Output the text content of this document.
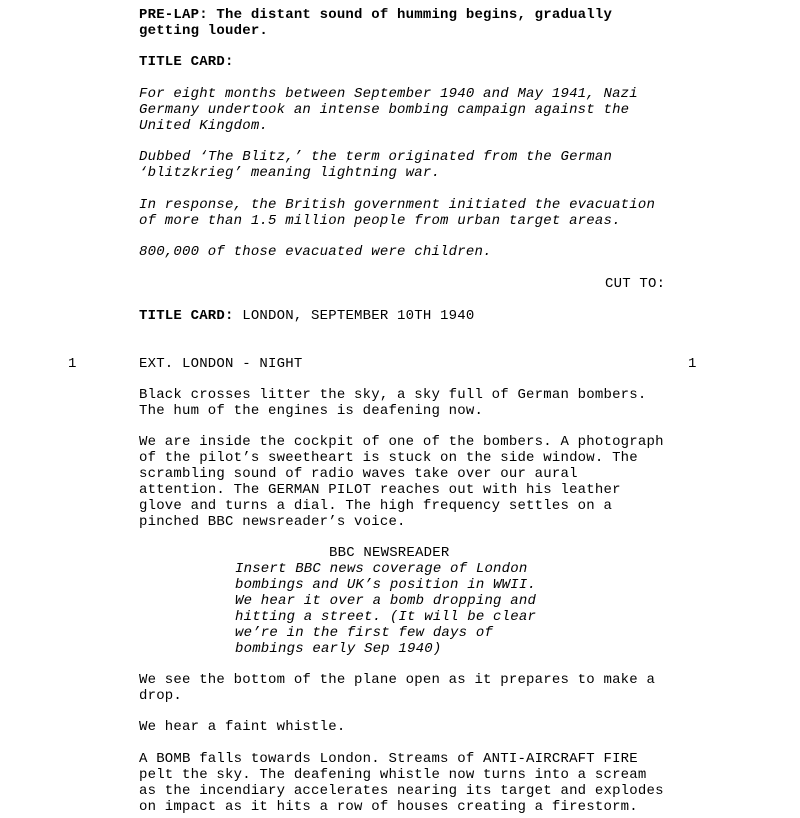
PRE-LAP: The distant sound of humming begins, gradually
getting louder.
TITLE CARD:
For eight months between September 1940 and May 1941, Nazi
Germany undertook an intense bombing campaign against the
United Kingdom.
Dubbed ‘The Blitz,’ the term originated from the German
‘blitzkrieg’ meaning lightning war.
In response, the British government initiated the evacuation
of more than 1.5 million people from urban target areas.
800,000 of those evacuated were children.
CUT TO:
TITLE CARD: LONDON, SEPTEMBER 10TH 1940
1	EXT. LONDON - NIGHT	1
Black crosses litter the sky, a sky full of German bombers.
The hum of the engines is deafening now.
We are inside the cockpit of one of the bombers. A photograph
of the pilot’s sweetheart is stuck on the side window. The
scrambling sound of radio waves take over our aural
attention. The GERMAN PILOT reaches out with his leather
glove and turns a dial. The high frequency settles on a
pinched BBC newsreader’s voice.
BBC NEWSREADER
Insert BBC news coverage of London
bombings and UK’s position in WWII.
We hear it over a bomb dropping and
hitting a street. (It will be clear
we’re in the first few days of
bombings early Sep 1940)
We see the bottom of the plane open as it prepares to make a
drop.
We hear a faint whistle.
A BOMB falls towards London. Streams of ANTI-AIRCRAFT FIRE
pelt the sky. The deafening whistle now turns into a scream
as the incendiary accelerates nearing its target and explodes
on impact as it hits a row of houses creating a firestorm.
